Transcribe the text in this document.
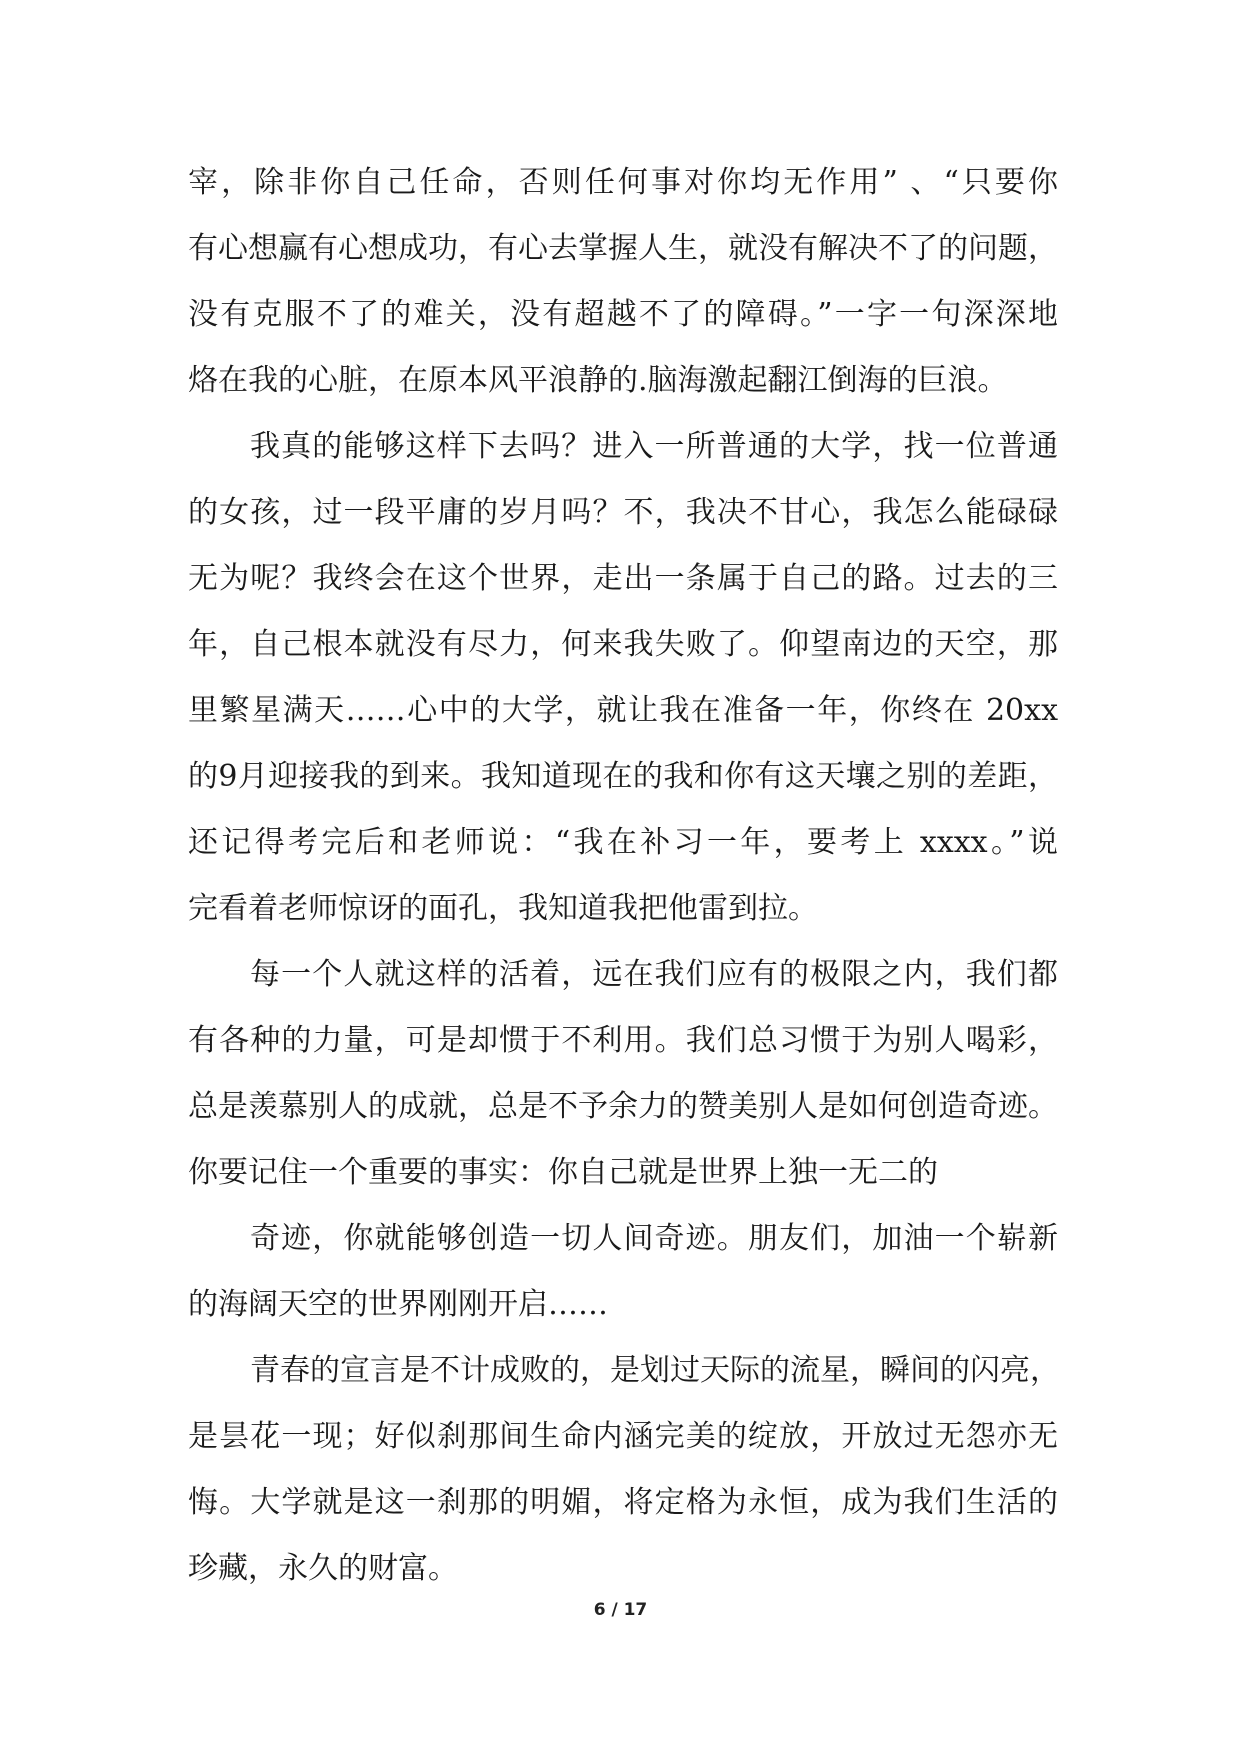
宰，除非你自己任命，否则任何事对你均无作用” 、“只要你
有心想赢有心想成功，有心去掌握人生，就没有解决不了的问题，
没有克服不了的难关，没有超越不了的障碍。”一字一句深深地
烙在我的心脏，在原本风平浪静的.脑海激起翻江倒海的巨浪。
我真的能够这样下去吗？进入一所普通的大学，找一位普通
的女孩，过一段平庸的岁月吗？不，我决不甘心，我怎么能碌碌
无为呢？我终会在这个世界，走出一条属于自己的路。过去的三
年，自己根本就没有尽力，何来我失败了。仰望南边的天空，那
里繁星满天……心中的大学，就让我在准备一年，你终在 20xx
的9月迎接我的到来。我知道现在的我和你有这天壤之别的差距，
还记得考完后和老师说：“我在补习一年，要考上 xxxx。”说
完看着老师惊讶的面孔，我知道我把他雷到拉。
每一个人就这样的活着，远在我们应有的极限之内，我们都
有各种的力量，可是却惯于不利用。我们总习惯于为别人喝彩，
总是羡慕别人的成就，总是不予余力的赞美别人是如何创造奇迹。
你要记住一个重要的事实：你自己就是世界上独一无二的
奇迹，你就能够创造一切人间奇迹。朋友们，加油一个崭新
的海阔天空的世界刚刚开启……
青春的宣言是不计成败的，是划过天际的流星，瞬间的闪亮，
是昙花一现；好似刹那间生命内涵完美的绽放，开放过无怨亦无
悔。大学就是这一刹那的明媚，将定格为永恒，成为我们生活的
珍藏，永久的财富。
6 / 17
